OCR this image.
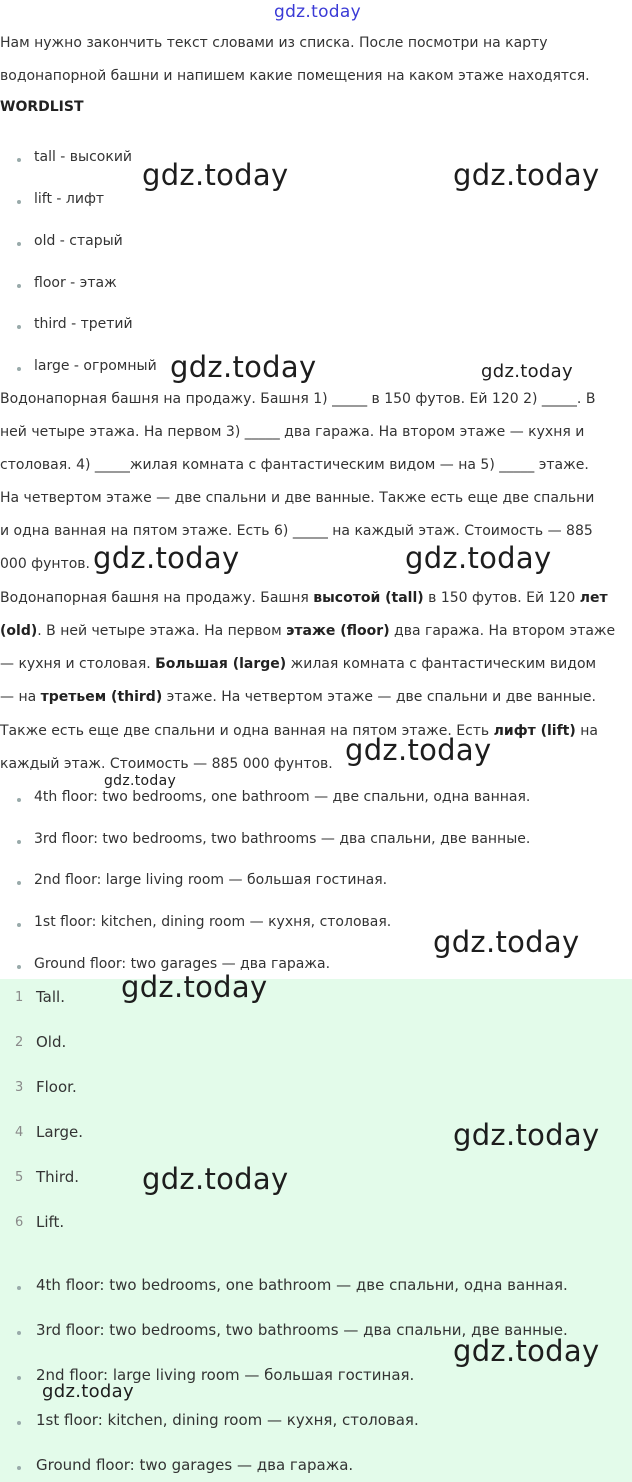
gdz.today

Нам нужно закончить текст словами из списка. После посмотри на карту

водонапорной башни и напишем какие помещения на каком этаже находятся.

WORDLIST

tall - высокий
lift - лифт
old - старый
floor - этаж
third - третий
large - огромный

Водонапорная башня на продажу. Башня 1) _____ в 150 футов. Ей 120 2) _____. В

ней четыре этажа. На первом 3) _____ два гаража. На втором этаже — кухня и

столовая. 4) _____жилая комната с фантастическим видом — на 5) _____ этаже.

На четвертом этаже — две спальни и две ванные. Также есть еще две спальни

и одна ванная на пятом этаже. Есть 6) _____ на каждый этаж. Стоимость — 885

000 фунтов.

Водонапорная башня на продажу. Башня высотой (tall) в 150 футов. Ей 120 лет

(old). В ней четыре этажа. На первом этаже (floor) два гаража. На втором этаже

— кухня и столовая. Большая (large) жилая комната с фантастическим видом

— на третьем (third) этаже. На четвертом этаже — две спальни и две ванные.

Также есть еще две спальни и одна ванная на пятом этаже. Есть лифт (lift) на

каждый этаж. Стоимость — 885 000 фунтов.

4th floor: two bedrooms, one bathroom — две спальни, одна ванная.
3rd floor: two bedrooms, two bathrooms — два спальни, две ванные.
2nd floor: large living room — большая гостиная.
1st floor: kitchen, dining room — кухня, столовая.
Ground floor: two garages — два гаража.
1 Tall.
2 Old.
3 Floor.
4 Large.
5 Third.
6 Lift.
4th floor: two bedrooms, one bathroom — две спальни, одна ванная.
3rd floor: two bedrooms, two bathrooms — два спальни, две ванные.
2nd floor: large living room — большая гостиная.
1st floor: kitchen, dining room — кухня, столовая.
Ground floor: two garages — два гаража.
gdz.today	gdz.today
gdz.today	gdz.today
gdz.today	gdz.today
gdz.today
gdz.today
gdz.today
gdz.today
gdz.today
gdz.today
gdz.today
gdz.today
